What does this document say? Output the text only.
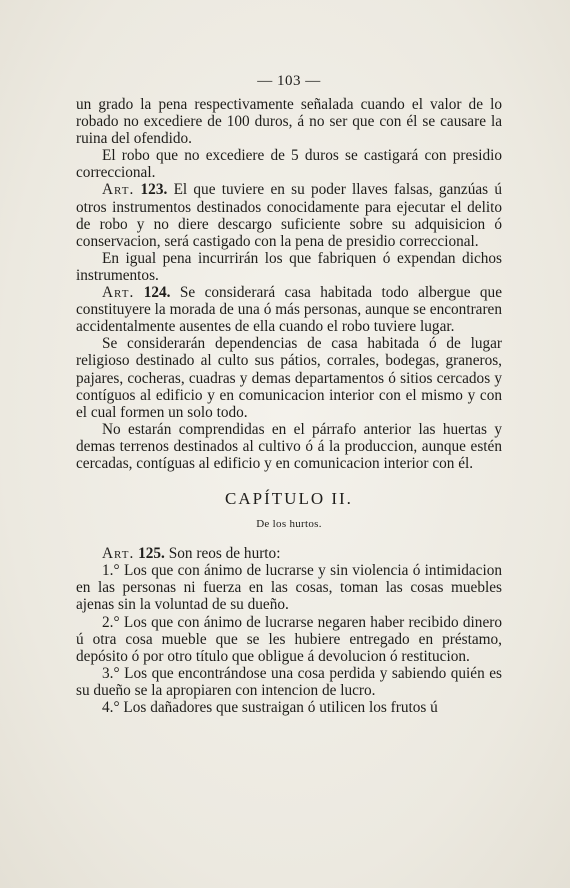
— 103 —

un grado la pena respectivamente señalada cuando el valor de lo robado no excediere de 100 duros, á no ser que con él se causare la ruina del ofendido.

El robo que no excediere de 5 duros se castigará con presidio correccional.

Art. 123. El que tuviere en su poder llaves falsas, ganzúas ú otros instrumentos destinados conocidamente para ejecutar el delito de robo y no diere descargo suficiente sobre su adquisicion ó conservacion, será castigado con la pena de presidio correccional.

En igual pena incurrirán los que fabriquen ó expendan dichos instrumentos.

Art. 124. Se considerará casa habitada todo albergue que constituyere la morada de una ó más personas, aunque se encontraren accidentalmente ausentes de ella cuando el robo tuviere lugar.

Se considerarán dependencias de casa habitada ó de lugar religioso destinado al culto sus pátios, corrales, bodegas, graneros, pajares, cocheras, cuadras y demas departamentos ó sitios cercados y contíguos al edificio y en comunicacion interior con el mismo y con el cual formen un solo todo.

No estarán comprendidas en el párrafo anterior las huertas y demas terrenos destinados al cultivo ó á la produccion, aunque estén cercadas, contíguas al edificio y en comunicacion interior con él.

CAPÍTULO II.
De los hurtos.

Art. 125. Son reos de hurto:

1.° Los que con ánimo de lucrarse y sin violencia ó intimidacion en las personas ni fuerza en las cosas, toman las cosas muebles ajenas sin la voluntad de su dueño.

2.° Los que con ánimo de lucrarse negaren haber recibido dinero ú otra cosa mueble que se les hubiere entregado en préstamo, depósito ó por otro título que obligue á devolucion ó restitucion.

3.° Los que encontrándose una cosa perdida y sabiendo quién es su dueño se la apropiaren con intencion de lucro.

4.° Los dañadores que sustraigan ó utilicen los frutos ú
